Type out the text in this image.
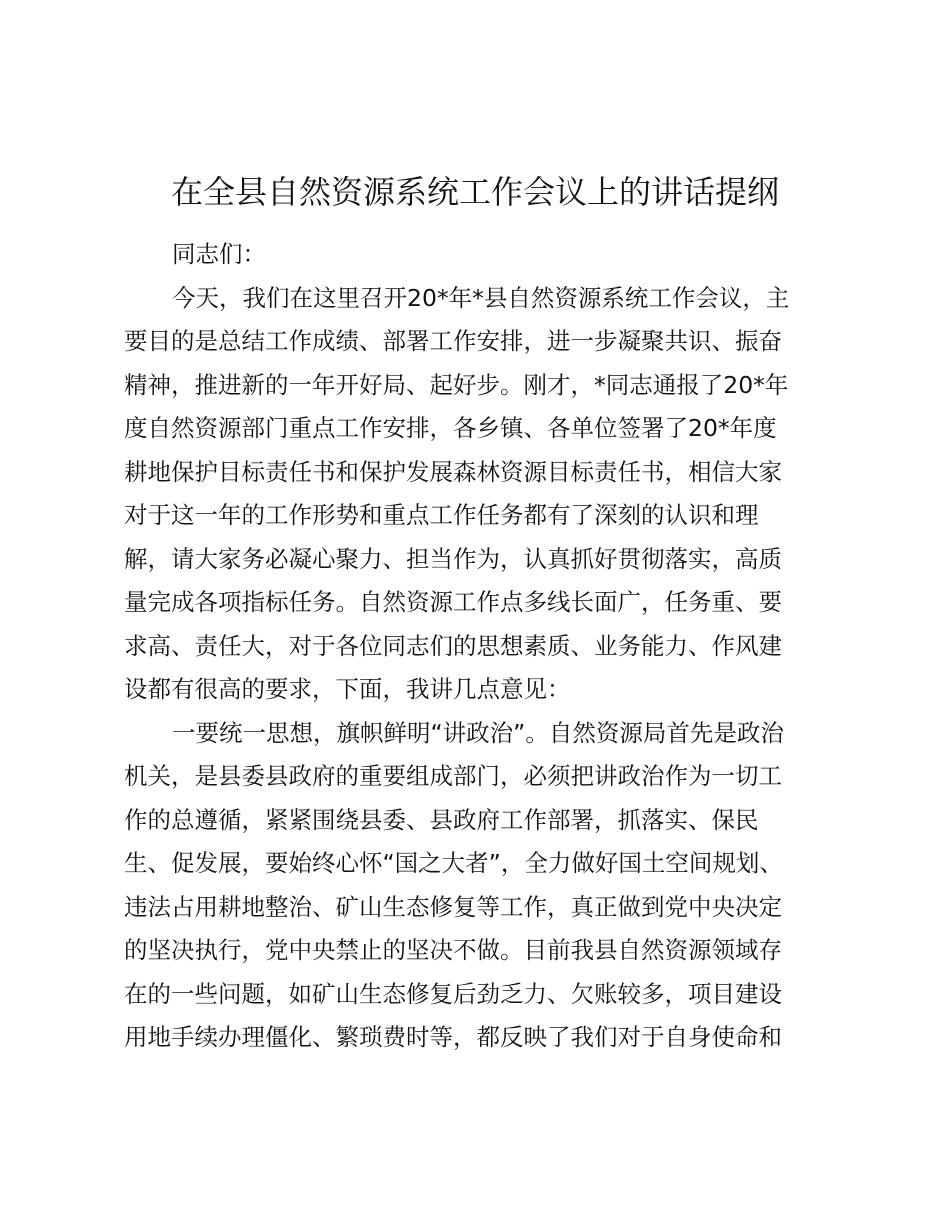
在全县自然资源系统工作会议上的讲话提纲
同志们：
今天，我们在这里召开20*年*县自然资源系统工作会议，主
要目的是总结工作成绩、部署工作安排，进一步凝聚共识、振奋
精神，推进新的一年开好局、起好步。刚才，*同志通报了20*年
度自然资源部门重点工作安排，各乡镇、各单位签署了20*年度
耕地保护目标责任书和保护发展森林资源目标责任书，相信大家
对于这一年的工作形势和重点工作任务都有了深刻的认识和理
解，请大家务必凝心聚力、担当作为，认真抓好贯彻落实，高质
量完成各项指标任务。自然资源工作点多线长面广，任务重、要
求高、责任大，对于各位同志们的思想素质、业务能力、作风建
设都有很高的要求，下面，我讲几点意见：
一要统一思想，旗帜鲜明“讲政治”。自然资源局首先是政治
机关，是县委县政府的重要组成部门，必须把讲政治作为一切工
作的总遵循，紧紧围绕县委、县政府工作部署，抓落实、保民
生、促发展，要始终心怀“国之大者”，全力做好国土空间规划、
违法占用耕地整治、矿山生态修复等工作，真正做到党中央决定
的坚决执行，党中央禁止的坚决不做。目前我县自然资源领域存
在的一些问题，如矿山生态修复后劲乏力、欠账较多，项目建设
用地手续办理僵化、繁琐费时等，都反映了我们对于自身使命和
